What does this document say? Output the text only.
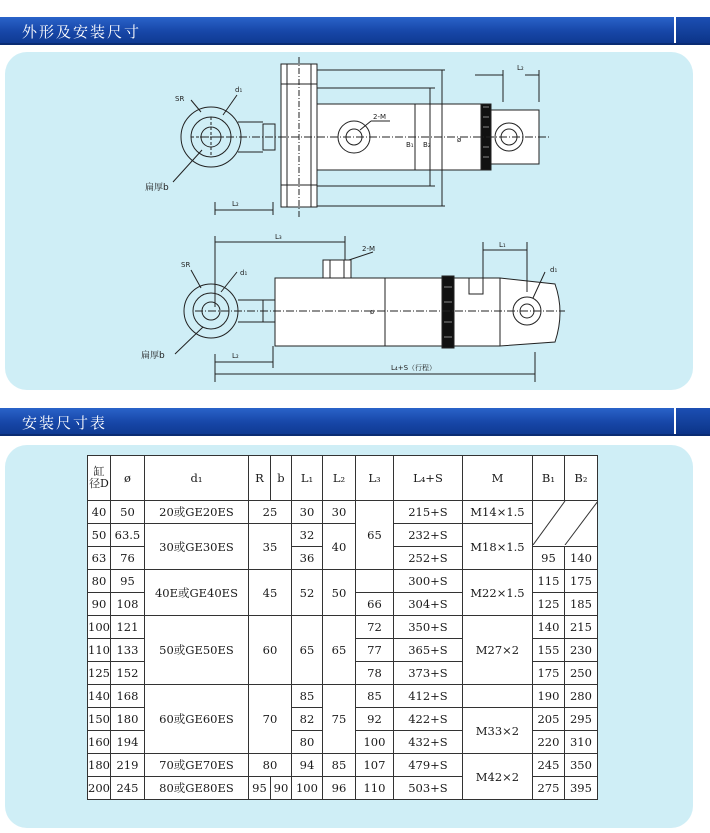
外形及安装尺寸
SR
d₁
扁厚b
L₂
L₂
2-M
B₁ B₂
ø
SR
d₁	d₁
扁厚b	L₂
L₃
L₁
2-M
ø
L₄+S（行程）
安装尺寸表
缸径D	ø	d₁	R	b	L₁	L₂	L₃	L₄+S	M	B₁	B₂
40	50	20或GE20ES	25		30	30	65	215+S	M14×1.5	

50	63.5	30或GE30ES	35		32	40		232+S	M18×1.5		
63	76				36			252+S		95	140
80	95	40E或GE40ES	45		52	50		300+S	M22×1.5	115	175
90	108						66	304+S		125	185
100	121	50或GE50ES	60		65	65	72	350+S	M27×2	140	215
110	133						77	365+S		155	230
125	152						78	373+S		175	250
140	168	60或GE60ES	70		85	75	85	412+S		190	280
150	180				82		92	422+S	M33×2	205	295
160	194				80		100	432+S		220	310
180	219	70或GE70ES	80		94	85	107	479+S	M42×2	245	350
200	245	80或GE80ES	95	90	100	96	110	503+S		275	395
